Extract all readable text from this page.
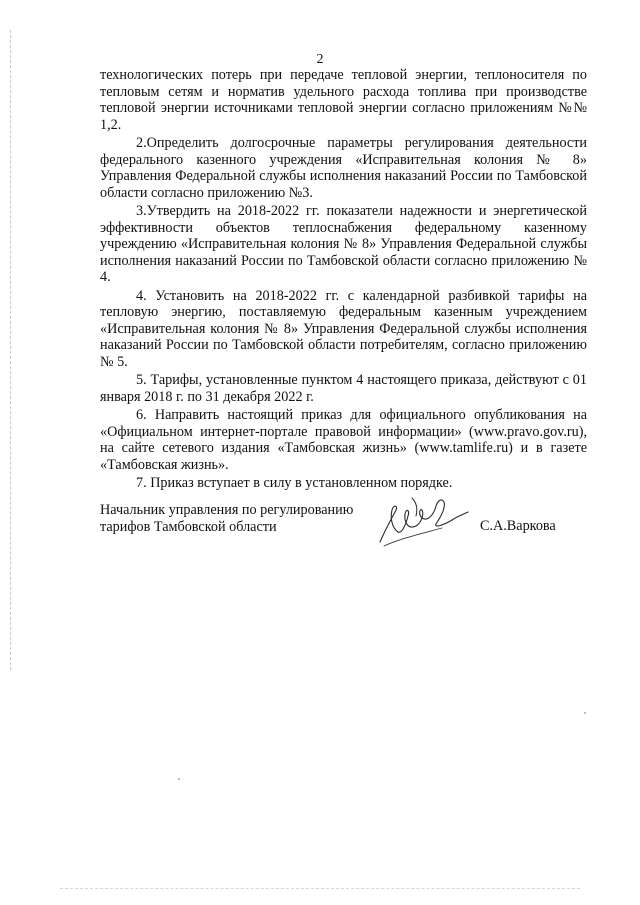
2

технологических потерь при передаче тепловой энергии, теплоносителя по тепловым сетям и норматив удельного расхода топлива при производстве тепловой энергии источниками тепловой энергии согласно приложениям №№ 1,2.

2.Определить долгосрочные параметры регулирования деятельности федерального казенного учреждения «Исправительная колония № 8» Управления Федеральной службы исполнения наказаний России по Тамбовской области согласно приложению №3.

3.Утвердить на 2018-2022 гг. показатели надежности и энергетической эффективности объектов теплоснабжения федеральному казенному учреждению «Исправительная колония № 8» Управления Федеральной службы исполнения наказаний России по Тамбовской области согласно приложению № 4.

4. Установить на 2018-2022 гг. с календарной разбивкой тарифы на тепловую энергию, поставляемую федеральным казенным учреждением «Исправительная колония № 8» Управления Федеральной службы исполнения наказаний России по Тамбовской области потребителям, согласно приложению № 5.

5. Тарифы, установленные пунктом 4 настоящего приказа, действуют с 01 января 2018 г. по 31 декабря 2022 г.

6. Направить настоящий приказ для официального опубликования на «Официальном интернет-портале правовой информации» (www.pravo.gov.ru), на сайте сетевого издания «Тамбовская жизнь» (www.tamlife.ru) и в газете «Тамбовская жизнь».

7. Приказ вступает в силу в установленном порядке.

Начальник управления по регулированию
тарифов Тамбовской области	С.А.Варкова
